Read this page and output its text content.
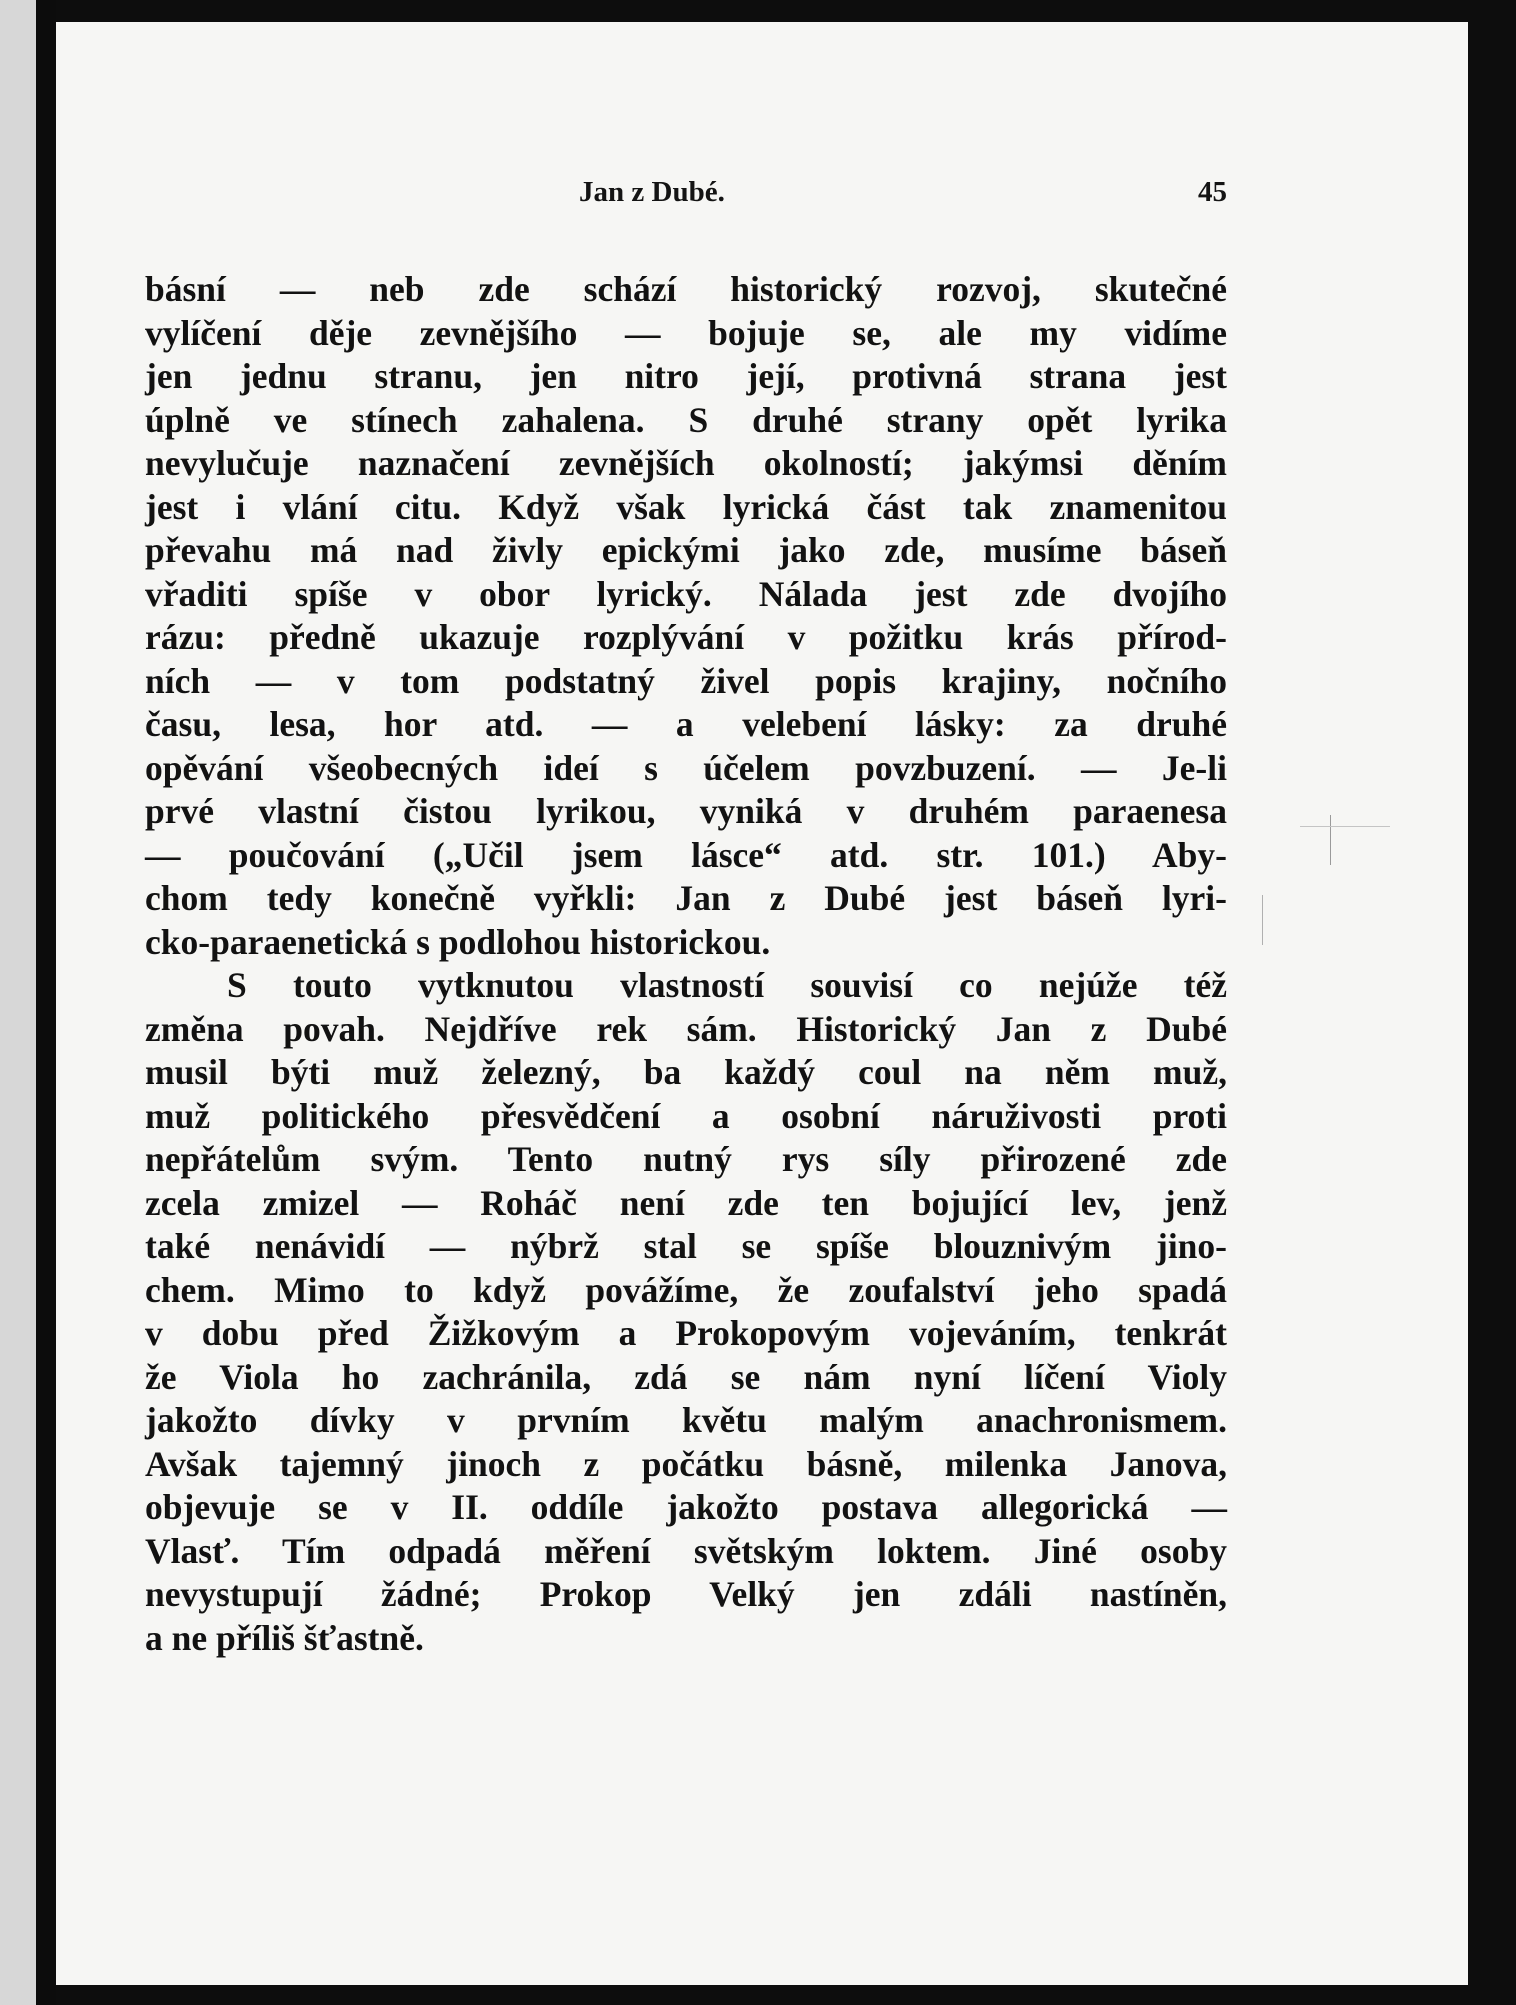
Jan z Dubé.	45
básní — neb zde schází historický rozvoj, skutečné
vylíčení děje zevnějšího — bojuje se, ale my vidíme
jen jednu stranu, jen nitro její, protivná strana jest
úplně ve stínech zahalena. S druhé strany opět lyrika
nevylučuje naznačení zevnějších okolností; jakýmsi děním
jest i vlání citu. Když však lyrická část tak znamenitou
převahu má nad živly epickými jako zde, musíme báseň
vřaditi spíše v obor lyrický. Nálada jest zde dvojího
rázu: předně ukazuje rozplývání v požitku krás přírod-
ních — v tom podstatný živel popis krajiny, nočního
času, lesa, hor atd. — a velebení lásky: za druhé
opěvání všeobecných ideí s účelem povzbuzení. — Je-li
prvé vlastní čistou lyrikou, vyniká v druhém paraenesa
— poučování („Učil jsem lásce“ atd. str. 101.) Aby-
chom tedy konečně vyřkli: Jan z Dubé jest báseň lyri-
cko-paraenetická s podlohou historickou.
S touto vytknutou vlastností souvisí co nejúže též
změna povah. Nejdříve rek sám. Historický Jan z Dubé
musil býti muž železný, ba každý coul na něm muž,
muž politického přesvědčení a osobní náruživosti proti
nepřátelům svým. Tento nutný rys síly přirozené zde
zcela zmizel — Roháč není zde ten bojující lev, jenž
také nenávidí — nýbrž stal se spíše blouznivým jino-
chem. Mimo to když povážíme, že zoufalství jeho spadá
v dobu před Žižkovým a Prokopovým vojeváním, tenkrát
že Viola ho zachránila, zdá se nám nyní líčení Violy
jakožto dívky v prvním květu malým anachronismem.
Avšak tajemný jinoch z počátku básně, milenka Janova,
objevuje se v II. oddíle jakožto postava allegorická —
Vlasť. Tím odpadá měření světským loktem. Jiné osoby
nevystupují žádné; Prokop Velký jen zdáli nastíněn,
a ne příliš šťastně.
